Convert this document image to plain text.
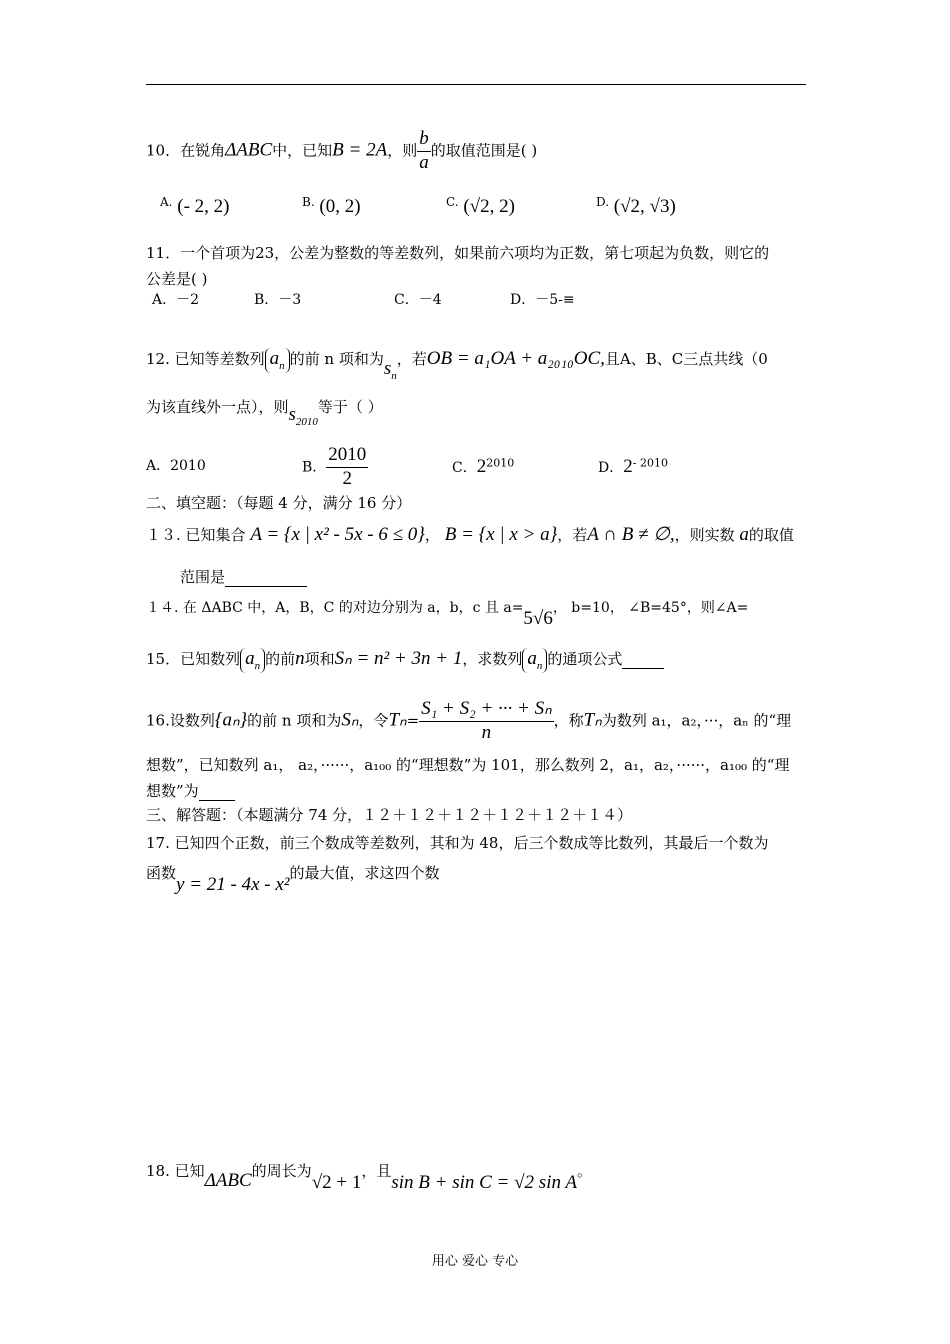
10．在锐角ΔABC中，已知B = 2A，则 $\frac{b}{a}$ 的取值范围是( )
A. (- 2, 2)	B. (0, 2)	C. (√2, 2)	D. (√2, √3)
11．一个首项为23，公差为整数的等差数列，如果前六项均为正数，第七项起为负数，则它的
公差是( )
A．－2	B．－3	C．－4	D．－5-≡
12. 已知等差数列 $a_n$ 的前 n 项和为$s_n$，若OB = a₁OA + a₂₀₁₀OC,且A、B、C三点共线（0
为该直线外一点），则$s_{2010}$等于（ ）
A．2010	B． $\frac{2010}{2}$	C．$2^{2010}$	D．$2^{- 2010}$
二、填空题：（每题 4 分，满分 16 分）
１３. 已知集合 A = {x | x² - 5x - 6 ≤ 0}， B = {x | x > a}，若A ∩ B ≠ ∅,，则实数 a的取值
范围是
１４. 在 ΔABC 中，A，B，C 的对边分别为 a，b，c 且 a=5√6， b=10， ∠B=45°，则∠A=
15．已知数列 $a_n$ 的前n项和Sₙ = n² + 3n + 1，求数列 $a_n$ 的通项公式
16.设数列{aₙ}的前 n 项和为Sₙ，令$T_n= \frac{\text{S₁ + S₂ + ··· + Sₙ}}{n}$ ，称Tₙ为数列 a₁，a₂，···，aₙ 的“理
想数”，已知数列 a₁， a₂，······，a₁₀₀ 的“理想数”为 101，那么数列 2，a₁，a₂，······，a₁₀₀ 的“理
想数”为
三、解答题：（本题满分 74 分，１２＋１２＋１２＋１２＋１２＋１４）
17. 已知四个正数，前三个数成等差数列，其和为 48，后三个数成等比数列，其最后一个数为
函数y = 21 - 4x - x²的最大值，求这四个数
18. 已知ΔABC的周长为√2 + 1，且sin B + sin C = √2 sin A。
用心 爱心 专心
